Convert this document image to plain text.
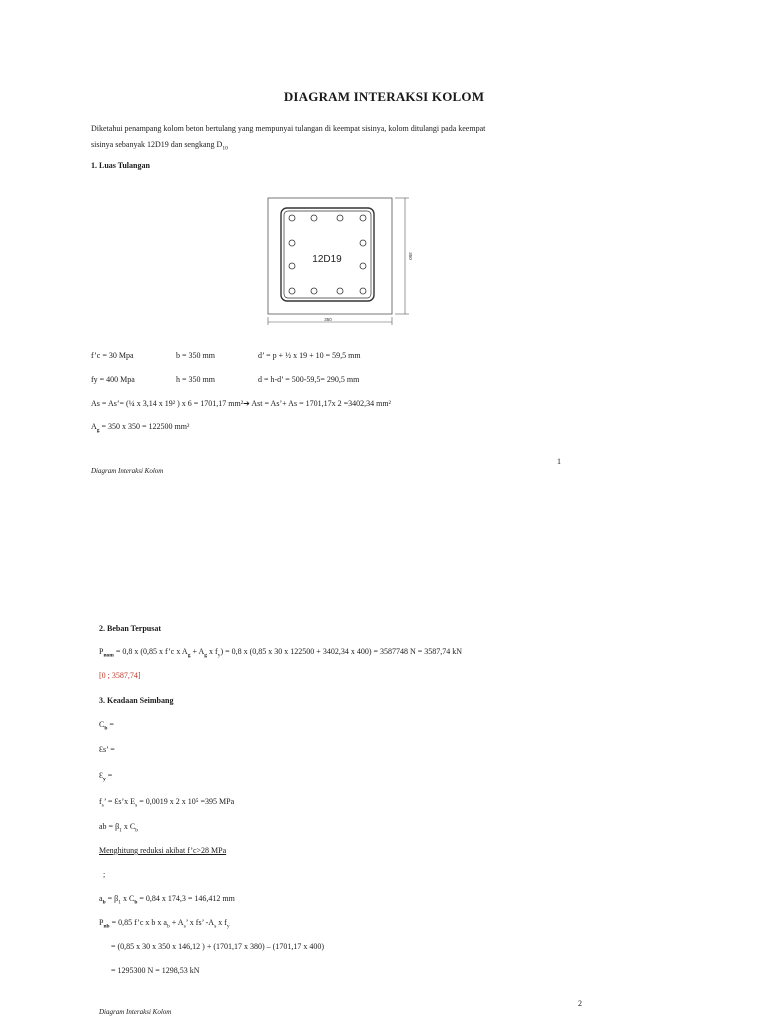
DIAGRAM INTERAKSI KOLOM
Diketahui penampang kolom beton bertulang yang mempunyai tulangan di keempat sisinya, kolom ditulangi pada keempat
sisinya sebanyak 12D19 dan sengkang $D_{10}$
1. Luas Tulangan
12D19
350
350
f’c = 30 Mpa	b = 350 mm	d’ = p + ½ x 19 + 10 = 59,5 mm
fy = 400 Mpa	h = 350 mm	d = h-d’ = 500-59,5= 290,5 mm
As = As’= (¼ x 3,14 x 19² ) x 6 = 1701,17 mm²➔ Ast = As’+ As = 1701,17x 2 =3402,34 mm²
$A_g = 350$ x 350 = 122500 mm²
1
Diagram Interaksi Kolom
2. Beban Terpusat
$P_{nom} = 0,8$ x (0,85 x f’c x $A_g + A_g$ x $f_y) = 0,8$ x (0,85 x 30 x 122500 + 3402,34 x 400) = 3587748 N = 3587,74 kN
[0 ; 3587,74]
3. Keadaan Seimbang
$C_b$ =
Ɛs’ =
$Ɛ_y$ =
$f_s$’ = Ɛs’x $E_s = 0,0019$ x 2 x 10⁵ =395 MPa
ab = $\beta_1$ x $C_b$
Menghitung reduksi akibat f’c>28 MPa
;
$a_b = \beta_1$ x $C_b = 0,84$ x 174,3 = 146,412 mm
$P_{nb} = 0,85$ f’c x b x $a_b + A_s$’ x fs’ $-A_s$ x $f_y$
= (0,85 x 30 x 350 x 146,12 ) + (1701,17 x 380) – (1701,17 x 400)
= 1295300 N = 1298,53 kN
2
Diagram Interaksi Kolom
